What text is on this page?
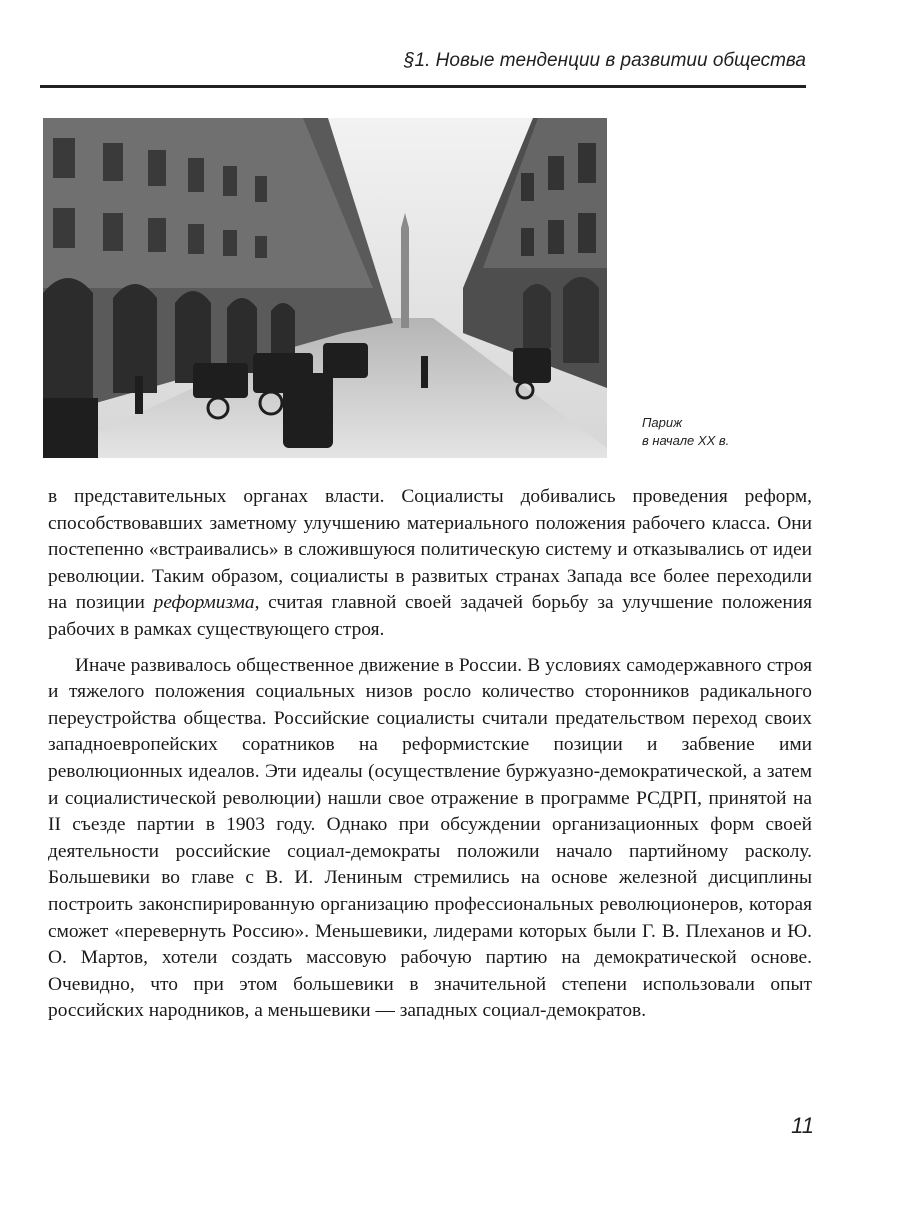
§1. Новые тенденции в развитии общества
Париж
в начале XX в.

в представительных органах власти. Социалисты добивались проведения реформ, способствовавших заметному улучшению материального положения рабочего класса. Они постепенно «встраивались» в сложившуюся политическую систему и отказывались от идеи революции. Таким образом, социалисты в развитых странах Запада все более переходили на позиции реформизма, считая главной своей задачей борьбу за улучшение положения рабочих в рамках существующего строя.

Иначе развивалось общественное движение в России. В условиях самодержавного строя и тяжелого положения социальных низов росло количество сторонников радикального переустройства общества. Российские социалисты считали предательством переход своих западноевропейских соратников на реформистские позиции и забвение ими революционных идеалов. Эти идеалы (осуществление буржуазно-демократической, а затем и социалистической революции) нашли свое отражение в программе РСДРП, принятой на II съезде партии в 1903 году. Однако при обсуждении организационных форм своей деятельности российские социал-демократы положили начало партийному расколу. Большевики во главе с В. И. Лениным стремились на основе железной дисциплины построить законспирированную организацию профессиональных революционеров, которая сможет «перевернуть Россию». Меньшевики, лидерами которых были Г. В. Плеханов и Ю. О. Мартов, хотели создать массовую рабочую партию на демократической основе. Очевидно, что при этом большевики в значительной степени использовали опыт российских народников, а меньшевики — западных социал-демократов.

11
